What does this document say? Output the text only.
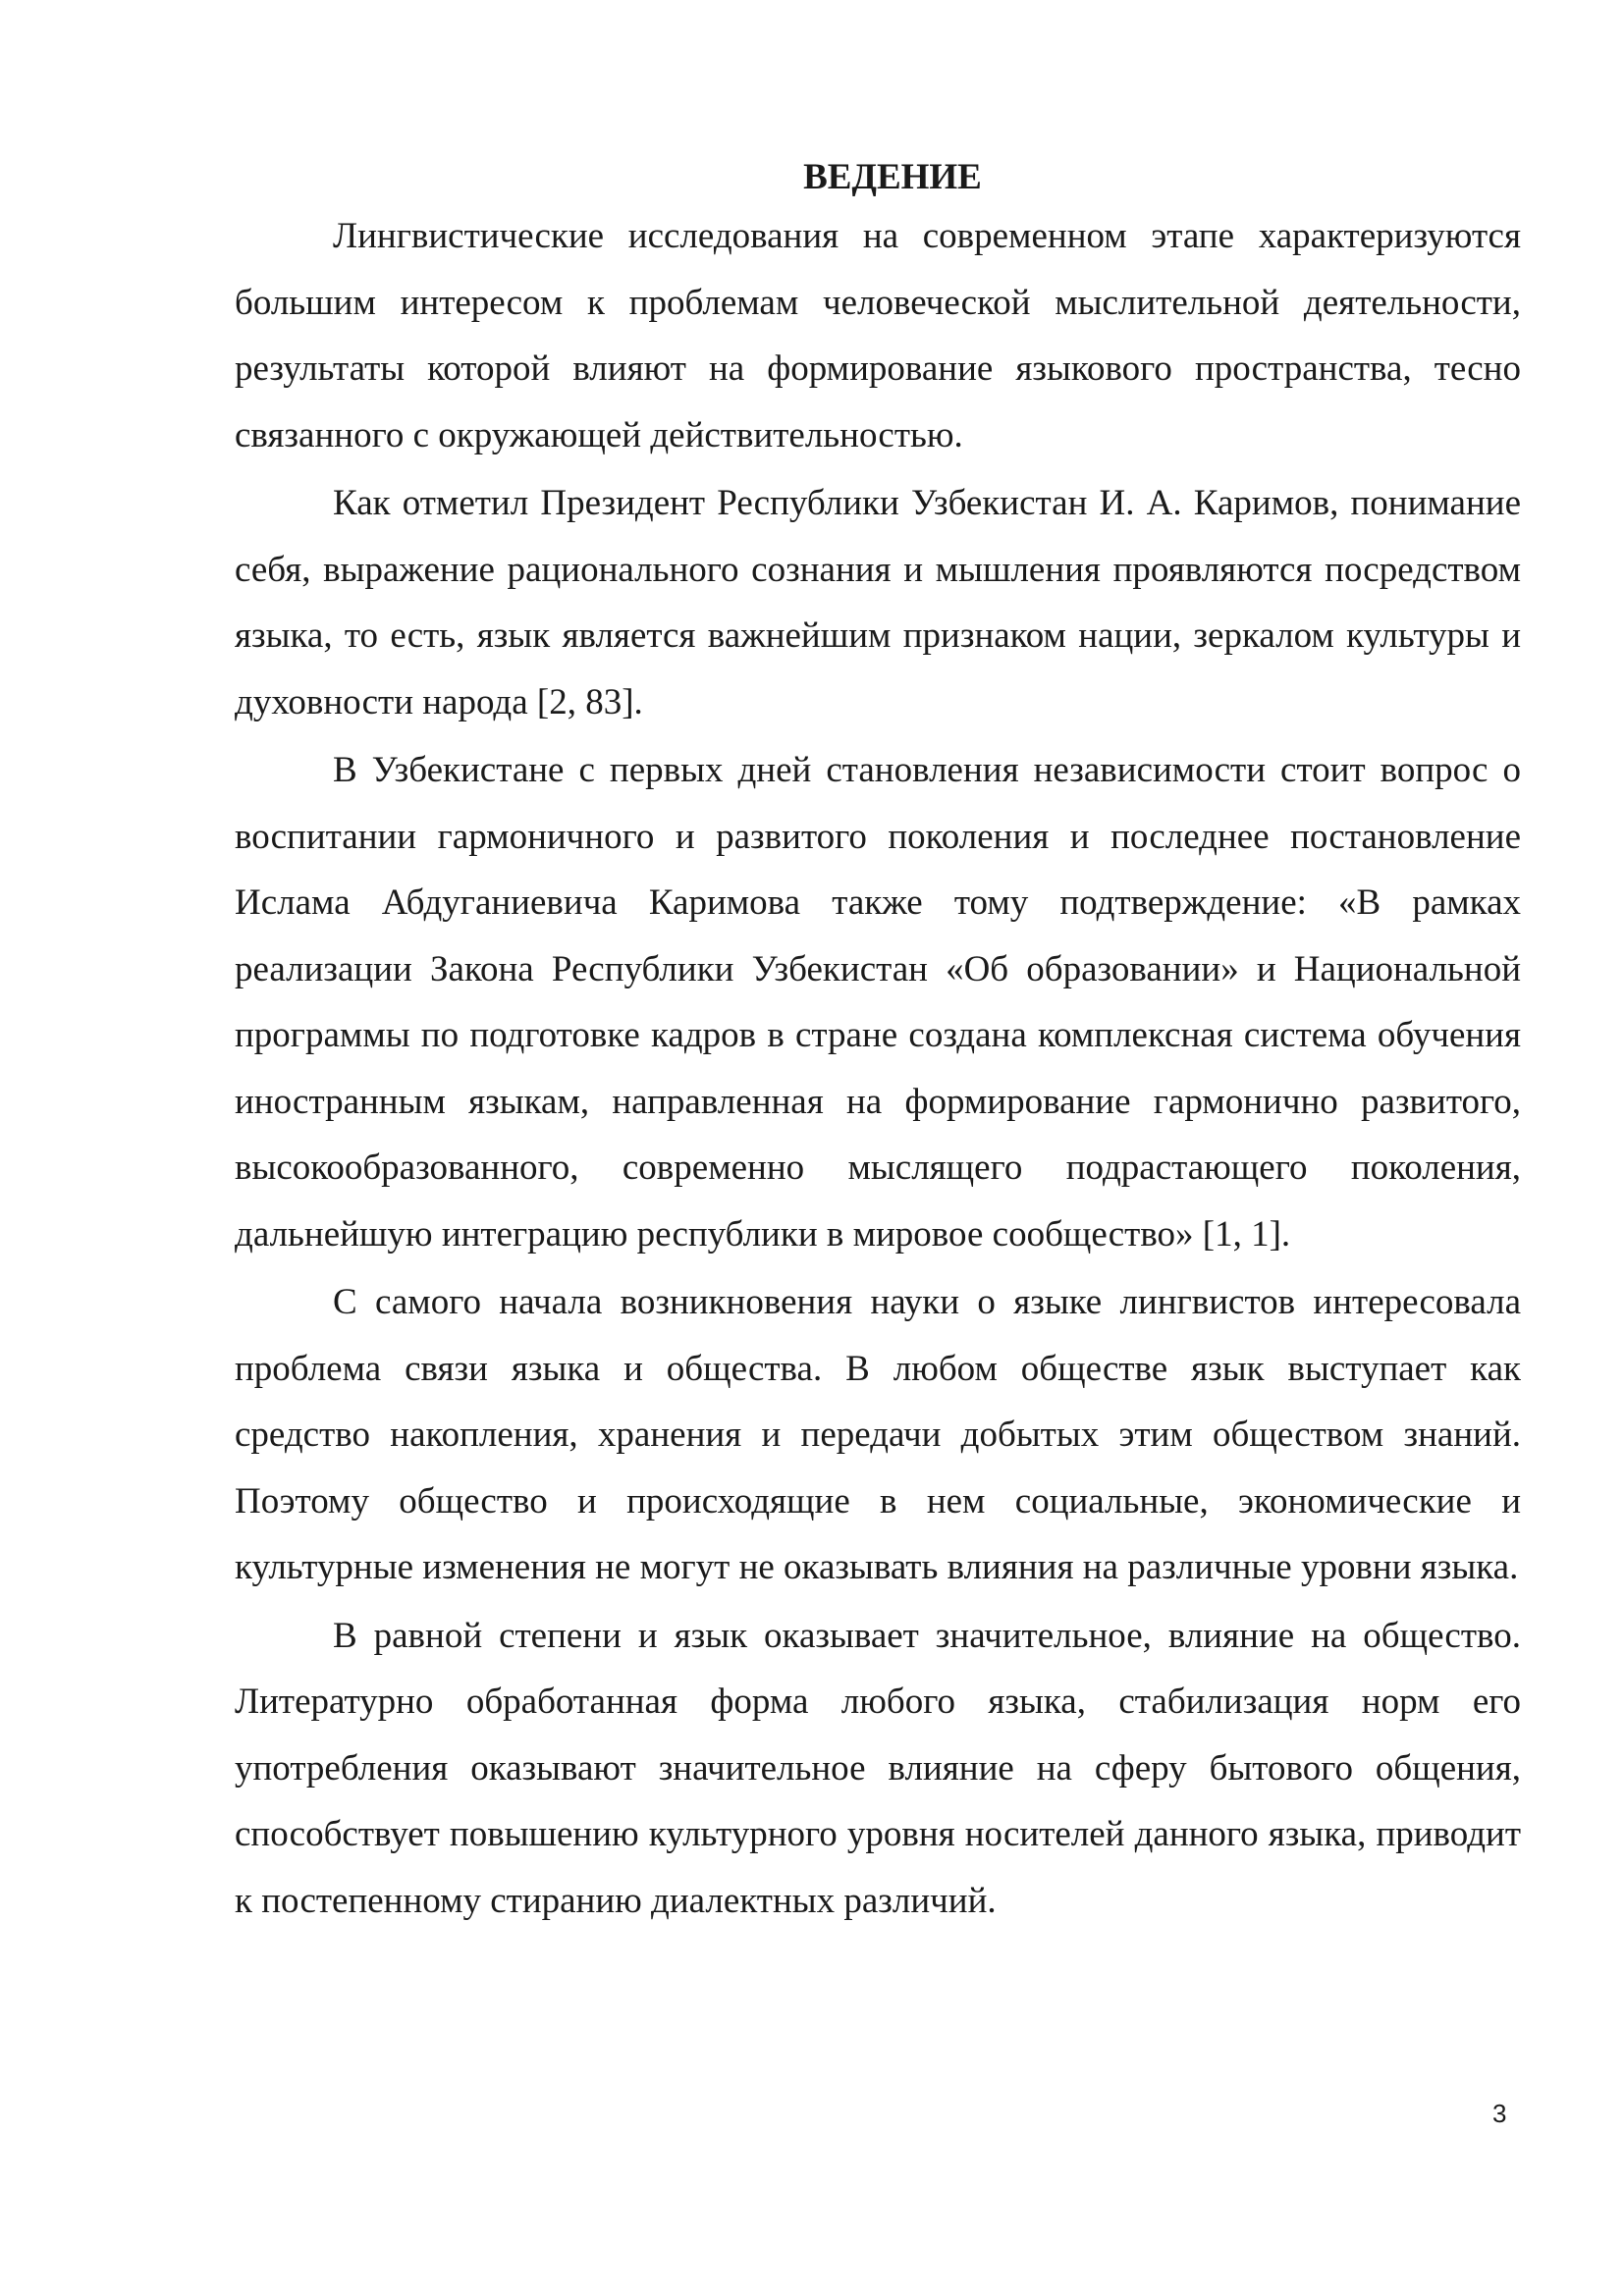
ВЕДЕНИЕ

Лингвистические исследования на современном этапе характеризуются большим интересом к проблемам человеческой мыслительной деятельности, результаты которой влияют на формирование языкового пространства, тесно связанного с окружающей действительностью.

Как отметил Президент Республики Узбекистан И. А. Каримов, понимание себя, выражение рационального сознания и мышления проявляются посредством языка, то есть, язык является важнейшим признаком нации, зеркалом культуры и духовности народа [2, 83].

В Узбекистане с первых дней становления независимости стоит вопрос о воспитании гармоничного и развитого поколения и последнее постановление Ислама Абдуганиевича Каримова также тому подтверждение: «В рамках реализации Закона Республики Узбекистан «Об образовании» и Национальной программы по подготовке кадров в стране создана комплексная система обучения иностранным языкам, направленная на формирование гармонично развитого, высокообразованного, современно мыслящего подрастающего поколения, дальнейшую интеграцию республики в мировое сообщество» [1, 1].

С самого начала возникновения науки о языке лингвистов интересовала проблема связи языка и общества. В любом обществе язык выступает как средство накопления, хранения и передачи добытых этим обществом знаний. Поэтому общество и происходящие в нем социальные, экономические и культурные изменения не могут не оказывать влияния на различные уровни языка.

В равной степени и язык оказывает значительное, влияние на общество. Литературно обработанная форма любого языка, стабилизация норм его употребления оказывают значительное влияние на сферу бытового общения, способствует повышению культурного уровня носителей данного языка, приводит к постепенному стиранию диалектных различий.

3
